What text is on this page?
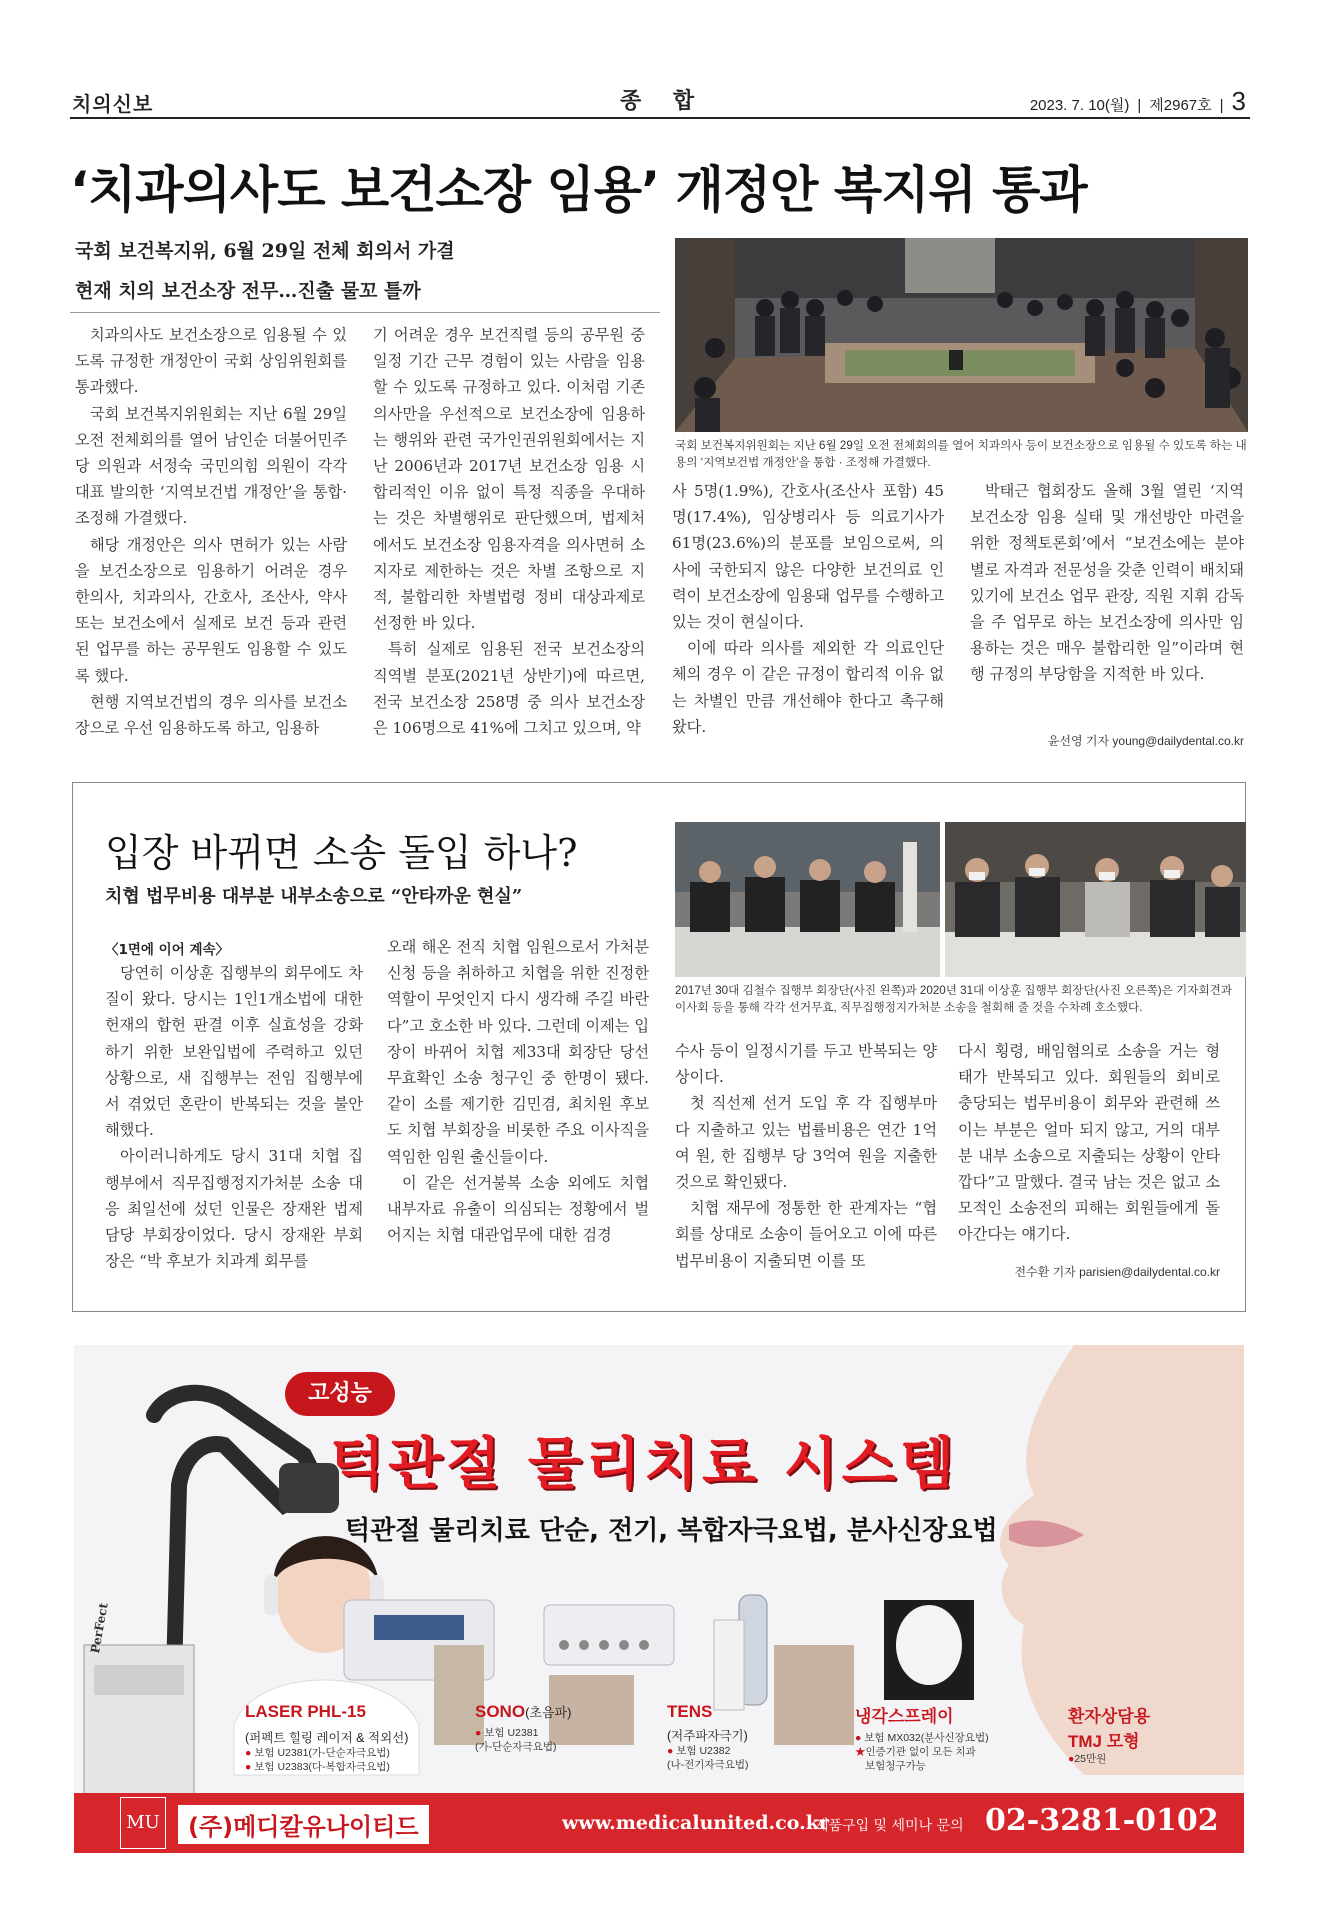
치의신보	종 합	2023. 7. 10(월) | 제2967호 | 3
‘치과의사도 보건소장 임용’ 개정안 복지위 통과
국회 보건복지위, 6월 29일 전체 회의서 가결
현재 치의 보건소장 전무…진출 물꼬 틀까
국회 보건복지위원회는 지난 6월 29일 오전 전체회의를 열어 치과의사 등이 보건소장으로 임용될 수 있도록 하는 내용의 ‘지역보건법 개정안’을 통합 · 조정해 가결했다.

치과의사도 보건소장으로 임용될 수 있도록 규정한 개정안이 국회 상임위원회를 통과했다.

국회 보건복지위원회는 지난 6월 29일 오전 전체회의를 열어 남인순 더불어민주당 의원과 서정숙 국민의힘 의원이 각각 대표 발의한 ‘지역보건법 개정안’을 통합·조정해 가결했다.

해당 개정안은 의사 면허가 있는 사람을 보건소장으로 임용하기 어려운 경우 한의사, 치과의사, 간호사, 조산사, 약사 또는 보건소에서 실제로 보건 등과 관련된 업무를 하는 공무원도 임용할 수 있도록 했다.

현행 지역보건법의 경우 의사를 보건소장으로 우선 임용하도록 하고, 임용하

기 어려운 경우 보건직렬 등의 공무원 중 일정 기간 근무 경험이 있는 사람을 임용할 수 있도록 규정하고 있다. 이처럼 기존 의사만을 우선적으로 보건소장에 임용하는 행위와 관련 국가인권위원회에서는 지난 2006년과 2017년 보건소장 임용 시 합리적인 이유 없이 특정 직종을 우대하는 것은 차별행위로 판단했으며, 법제처에서도 보건소장 임용자격을 의사면허 소지자로 제한하는 것은 차별 조항으로 지적, 불합리한 차별법령 정비 대상과제로 선정한 바 있다.

특히 실제로 임용된 전국 보건소장의 직역별 분포(2021년 상반기)에 따르면, 전국 보건소장 258명 중 의사 보건소장은 106명으로 41%에 그치고 있으며, 약

사 5명(1.9%), 간호사(조산사 포함) 45명(17.4%), 임상병리사 등 의료기사가 61명(23.6%)의 분포를 보임으로써, 의사에 국한되지 않은 다양한 보건의료 인력이 보건소장에 임용돼 업무를 수행하고 있는 것이 현실이다.

이에 따라 의사를 제외한 각 의료인단체의 경우 이 같은 규정이 합리적 이유 없는 차별인 만큼 개선해야 한다고 촉구해 왔다.

박태근 협회장도 올해 3월 열린 ‘지역 보건소장 임용 실태 및 개선방안 마련을 위한 정책토론회’에서 “보건소에는 분야별로 자격과 전문성을 갖춘 인력이 배치돼 있기에 보건소 업무 관장, 직원 지휘 감독을 주 업무로 하는 보건소장에 의사만 임용하는 것은 매우 불합리한 일”이라며 현행 규정의 부당함을 지적한 바 있다.

윤선영 기자 young@dailydental.co.kr
입장 바뀌면 소송 돌입 하나?
치협 법무비용 대부분 내부소송으로 “안타까운 현실”
〈1면에 이어 계속〉
2017년 30대 김철수 집행부 회장단(사진 왼쪽)과 2020년 31대 이상훈 집행부 회장단(사진 오른쪽)은 기자회견과 이사회 등을 통해 각각 선거무효, 직무집행정지가처분 소송을 철회해 줄 것을 수차례 호소했다.

당연히 이상훈 집행부의 회무에도 차질이 왔다. 당시는 1인1개소법에 대한 헌재의 합헌 판결 이후 실효성을 강화하기 위한 보완입법에 주력하고 있던 상황으로, 새 집행부는 전임 집행부에서 겪었던 혼란이 반복되는 것을 불안해했다.

아이러니하게도 당시 31대 치협 집행부에서 직무집행정지가처분 소송 대응 최일선에 섰던 인물은 장재완 법제담당 부회장이었다. 당시 장재완 부회장은 “박 후보가 치과계 회무를

오래 해온 전직 치협 임원으로서 가처분신청 등을 취하하고 치협을 위한 진정한 역할이 무엇인지 다시 생각해 주길 바란다”고 호소한 바 있다. 그런데 이제는 입장이 바뀌어 치협 제33대 회장단 당선무효확인 소송 청구인 중 한명이 됐다. 같이 소를 제기한 김민겸, 최치원 후보도 치협 부회장을 비롯한 주요 이사직을 역임한 임원 출신들이다.

이 같은 선거불복 소송 외에도 치협 내부자료 유출이 의심되는 정황에서 벌어지는 치협 대관업무에 대한 검경

수사 등이 일정시기를 두고 반복되는 양상이다.

첫 직선제 선거 도입 후 각 집행부마다 지출하고 있는 법률비용은 연간 1억여 원, 한 집행부 당 3억여 원을 지출한 것으로 확인됐다.

치협 재무에 정통한 한 관계자는 “협회를 상대로 소송이 들어오고 이에 따른 법무비용이 지출되면 이를 또

다시 횡령, 배임혐의로 소송을 거는 형태가 반복되고 있다. 회원들의 회비로 충당되는 법무비용이 회무와 관련해 쓰이는 부분은 얼마 되지 않고, 거의 대부분 내부 소송으로 지출되는 상황이 안타깝다”고 말했다. 결국 남는 것은 없고 소모적인 소송전의 피해는 회원들에게 돌아간다는 얘기다.

전수환 기자 parisien@dailydental.co.kr
고성능
턱관절 물리치료 시스템
턱관절 물리치료 단순, 전기, 복합자극요법, 분사신장요법
PerFect
LASER PHL-15
(퍼펙트 힐링 레이저 & 적외선)
● 보험 U2381(가-단순자극요법)
● 보험 U2383(다-복합자극요법)
SONO(초음파)
● 보험 U2381
(가-단순자극요법)
TENS
(저주파자극기)
● 보험 U2382
(나-전기자극요법)
냉각스프레이
● 보험 MX032(분사신장요법)
★인증기관 없이 모든 치과
보험청구가능
환자상담용
TMJ 모형
●25만원
MU	(주)메디칼유나이티드	www.medicalunited.co.kr
제품구입 및 세미나 문의 02-3281-0102
